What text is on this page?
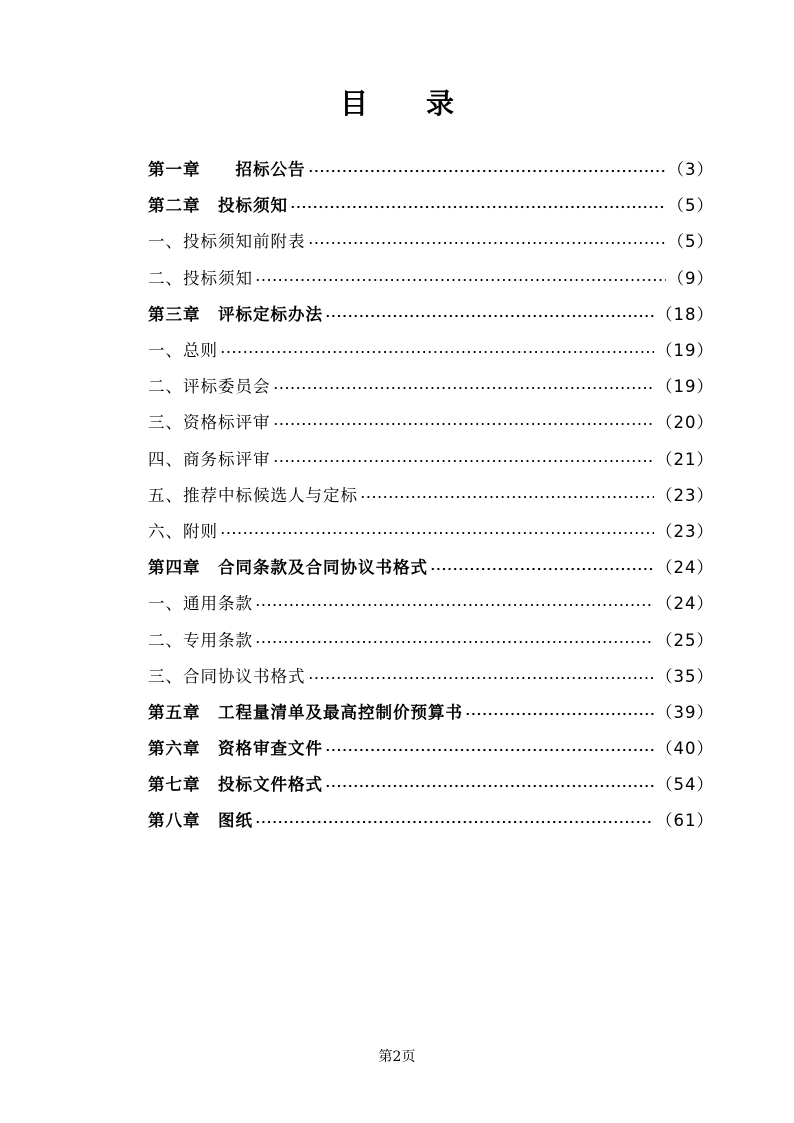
目 录
第一章　　招标公告	（3）
第二章　投标须知	（5）
一、投标须知前附表	（5）
二、投标须知	（9）
第三章　评标定标办法	（18）
一、总则	（19）
二、评标委员会	（19）
三、资格标评审	（20）
四、商务标评审	（21）
五、推荐中标候选人与定标	（23）
六、附则	（23）
第四章　合同条款及合同协议书格式	（24）
一、通用条款	（24）
二、专用条款	（25）
三、合同协议书格式	（35）
第五章　工程量清单及最高控制价预算书	（39）
第六章　资格审查文件	（40）
第七章　投标文件格式	（54）
第八章　图纸	（61）
第2页
